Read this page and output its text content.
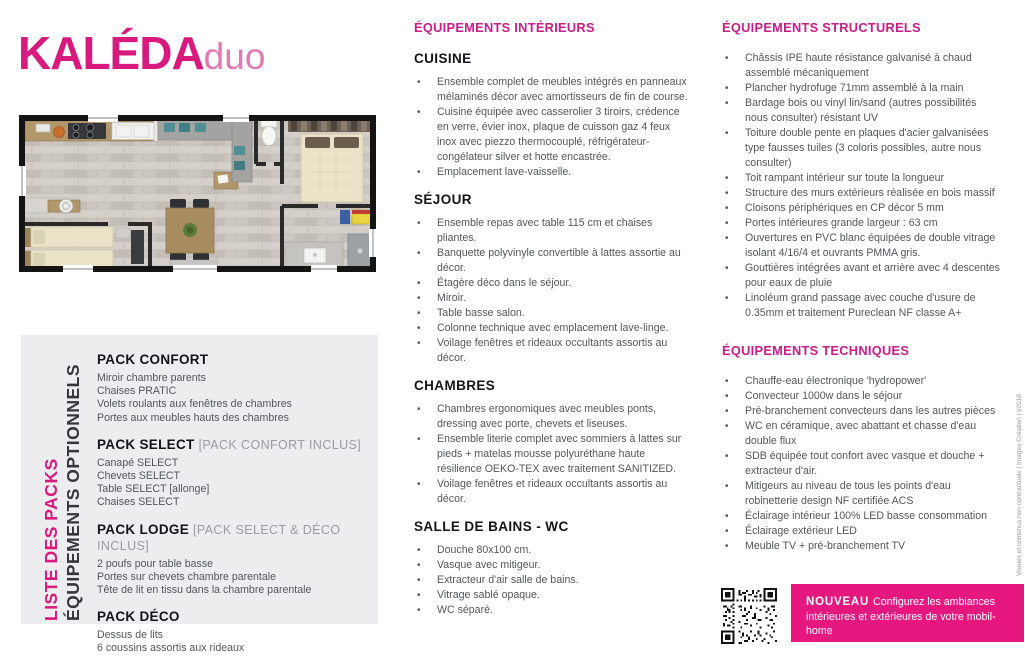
KALÉDAduo
LISTE DES PACKS ÉQUIPEMENTS OPTIONNELS
PACK CONFORT
Miroir chambre parents
Chaises PRATIC
Volets roulants aux fenêtres de chambres
Portes aux meubles hauts des chambres
PACK SELECT [PACK CONFORT INCLUS]
Canapé SELECT
Chevets SELECT
Table SELECT [allonge]
Chaises SELECT
PACK LODGE [PACK SELECT & DÉCO INCLUS]
2 poufs pour table basse
Portes sur chevets chambre parentale
Tête de lit en tissu dans la chambre parentale
PACK DÉCO
Dessus de lits
6 coussins assortis aux rideaux
ÉQUIPEMENTS INTÉRIEURS
CUISINE
• Ensemble complet de meubles intégrés en panneaux mélaminés décor avec amortisseurs de fin de course.
• Cuisine équipée avec casserolier 3 tiroirs, crédence en verre, évier inox, plaque de cuisson gaz 4 feux inox avec piezzo thermocouplé, réfrigérateur-congélateur silver et hotte encastrée.
• Emplacement lave-vaisselle.
SÉJOUR
• Ensemble repas avec table 115 cm et chaises pliantes.
• Banquette polyvinyle convertible à lattes assortie au décor.
• Étagère déco dans le séjour.
• Miroir.
• Table basse salon.
• Colonne technique avec emplacement lave-linge.
• Voilage fenêtres et rideaux occultants assortis au décor.
CHAMBRES
• Chambres ergonomiques avec meubles ponts, dressing avec porte, chevets et liseuses.
• Ensemble literie complet avec sommiers à lattes sur pieds + matelas mousse polyuréthane haute résilience OEKO-TEX avec traitement SANITIZED.
• Voilage fenêtres et rideaux occultants assortis au décor.
SALLE DE BAINS - WC
• Douche 80x100 cm.
• Vasque avec mitigeur.
• Extracteur d'air salle de bains.
• Vitrage sablé opaque.
• WC séparé.
ÉQUIPEMENTS STRUCTURELS
• Châssis IPE haute résistance galvanisé à chaud assemblé mécaniquement
• Plancher hydrofuge 71mm assemblé à la main
• Bardage bois ou vinyl lin/sand (autres possibilités nous consulter) résistant UV
• Toiture double pente en plaques d'acier galvanisées type fausses tuiles (3 coloris possibles, autre nous consulter)
• Toit rampant intérieur sur toute la longueur
• Structure des murs extérieurs réalisée en bois massif
• Cloisons périphériques en CP décor 5 mm
• Portes intérieures grande largeur : 63 cm
• Ouvertures en PVC blanc équipées de double vitrage isolant 4/16/4 et ouvrants PMMA gris.
• Gouttières intégrées avant et arrière avec 4 descentes pour eaux de pluie
• Linoléum grand passage avec couche d'usure de 0.35mm et traitement Pureclean NF classe A+
ÉQUIPEMENTS TECHNIQUES
• Chauffe-eau électronique 'hydropower'
• Convecteur 1000w dans le séjour
• Pré-branchement convecteurs dans les autres pièces
• WC en céramique, avec abattant et chasse d'eau double flux
• SDB équipée tout confort avec vasque et douche + extracteur d'air.
• Mitigeurs au niveau de tous les points d'eau robinetterie design NF certifiée ACS
• Éclairage intérieur 100% LED basse consommation
• Éclairage extérieur LED
• Meuble TV + pré-branchement TV
NOUVEAU Configurez les ambiances
intérieures et extérieures de votre mobil-
home
Visuels et contenus non contractuels | Images Création | v2018
